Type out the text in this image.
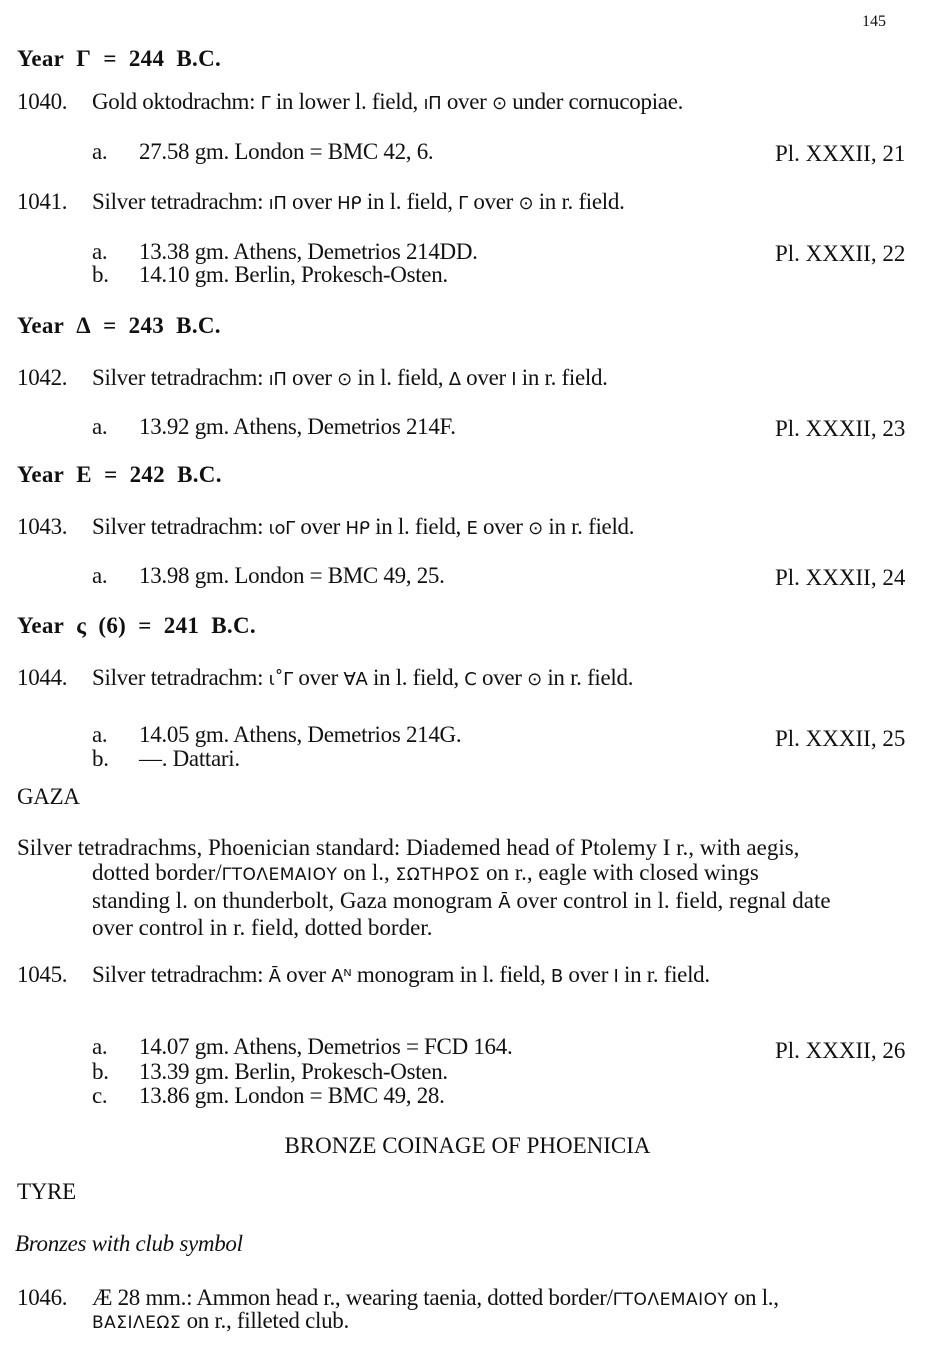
145
Year Γ = 244 B.C.
1040. Gold oktodrachm: Γ in lower l. field, ıΠ over ⊙ under cornucopiae.
a. 27.58 gm. London = BMC 42, 6.	Pl. XXXII, 21
1041. Silver tetradrachm: ıΠ over Hᑭ in l. field, Γ over ⊙ in r. field.
a. 13.38 gm. Athens, Demetrios 214DD.	Pl. XXXII, 22
b. 14.10 gm. Berlin, Prokesch-Osten.
Year Δ = 243 B.C.
1042. Silver tetradrachm: ıΠ over ⊙ in l. field, Δ over Ι in r. field.
a. 13.92 gm. Athens, Demetrios 214F.	Pl. XXXII, 23
Year E = 242 B.C.
1043. Silver tetradrachm: ιοΓ over Hᑭ in l. field, E over ⊙ in r. field.
a. 13.98 gm. London = BMC 49, 25.	Pl. XXXII, 24
Year ς (6) = 241 B.C.
1044. Silver tetradrachm: ι˚Γ over ⱯA in l. field, C over ⊙ in r. field.
a. 14.05 gm. Athens, Demetrios 214G.	Pl. XXXII, 25
b. —. Dattari.
GAZA
Silver tetradrachms, Phoenician standard: Diademed head of Ptolemy I r., with aegis,
dotted border/ΓΤΟΛΕΜΑΙΟΥ on l., ΣΩΤΗΡΟΣ on r., eagle with closed wings
standing l. on thunderbolt, Gaza monogram Ā over control in l. field, regnal date
over control in r. field, dotted border.
1045. Silver tetradrachm: Ā over Aᴺ monogram in l. field, B over Ι in r. field.
a. 14.07 gm. Athens, Demetrios = FCD 164.	Pl. XXXII, 26
b. 13.39 gm. Berlin, Prokesch-Osten.
c. 13.86 gm. London = BMC 49, 28.
BRONZE COINAGE OF PHOENICIA
TYRE
Bronzes with club symbol
1046. Æ 28 mm.: Ammon head r., wearing taenia, dotted border/ΓΤΟΛΕΜΑΙΟΥ on l.,
ΒΑΣΙΛΕΩΣ on r., filleted club.
